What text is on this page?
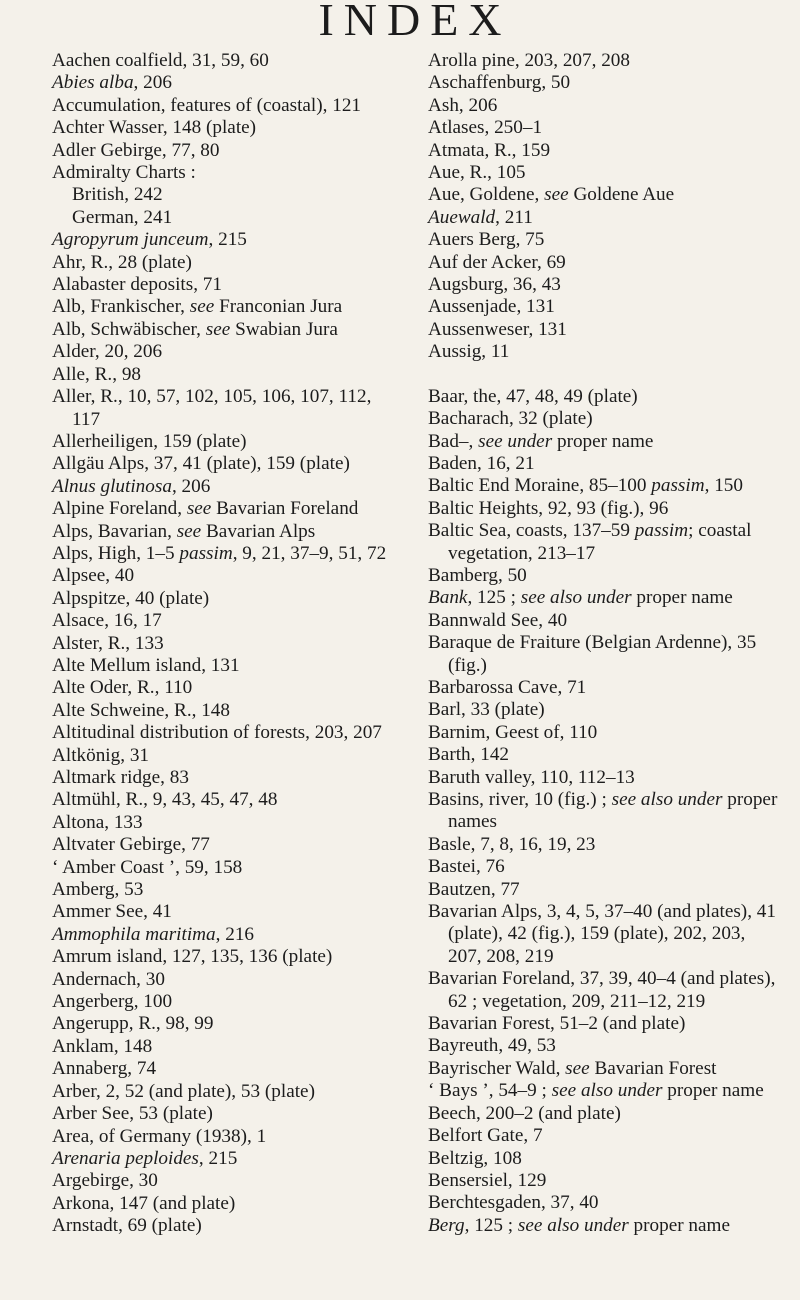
INDEX
Aachen coalfield, 31, 59, 60
Abies alba, 206
Accumulation, features of (coastal), 121
Achter Wasser, 148 (plate)
Adler Gebirge, 77, 80
Admiralty Charts :
British, 242
German, 241
Agropyrum junceum, 215
Ahr, R., 28 (plate)
Alabaster deposits, 71
Alb, Frankischer, see Franconian Jura
Alb, Schwäbischer, see Swabian Jura
Alder, 20, 206
Alle, R., 98
Aller, R., 10, 57, 102, 105, 106, 107, 112, 117
Allerheiligen, 159 (plate)
Allgäu Alps, 37, 41 (plate), 159 (plate)
Alnus glutinosa, 206
Alpine Foreland, see Bavarian Foreland
Alps, Bavarian, see Bavarian Alps
Alps, High, 1–5 passim, 9, 21, 37–9, 51, 72
Alpsee, 40
Alpspitze, 40 (plate)
Alsace, 16, 17
Alster, R., 133
Alte Mellum island, 131
Alte Oder, R., 110
Alte Schweine, R., 148
Altitudinal distribution of forests, 203, 207
Altkönig, 31
Altmark ridge, 83
Altmühl, R., 9, 43, 45, 47, 48
Altona, 133
Altvater Gebirge, 77
‘ Amber Coast ’, 59, 158
Amberg, 53
Ammer See, 41
Ammophila maritima, 216
Amrum island, 127, 135, 136 (plate)
Andernach, 30
Angerberg, 100
Angerupp, R., 98, 99
Anklam, 148
Annaberg, 74
Arber, 2, 52 (and plate), 53 (plate)
Arber See, 53 (plate)
Area, of Germany (1938), 1
Arenaria peploides, 215
Argebirge, 30
Arkona, 147 (and plate)
Arnstadt, 69 (plate)
Arolla pine, 203, 207, 208
Aschaffenburg, 50
Ash, 206
Atlases, 250–1
Atmata, R., 159
Aue, R., 105
Aue, Goldene, see Goldene Aue
Auewald, 211
Auers Berg, 75
Auf der Acker, 69
Augsburg, 36, 43
Aussenjade, 131
Aussenweser, 131
Aussig, 11
Baar, the, 47, 48, 49 (plate)
Bacharach, 32 (plate)
Bad–, see under proper name
Baden, 16, 21
Baltic End Moraine, 85–100 passim, 150
Baltic Heights, 92, 93 (fig.), 96
Baltic Sea, coasts, 137–59 passim; coastal vegetation, 213–17
Bamberg, 50
Bank, 125 ; see also under proper name
Bannwald See, 40
Baraque de Fraiture (Belgian Ardenne), 35 (fig.)
Barbarossa Cave, 71
Barl, 33 (plate)
Barnim, Geest of, 110
Barth, 142
Baruth valley, 110, 112–13
Basins, river, 10 (fig.) ; see also under proper names
Basle, 7, 8, 16, 19, 23
Bastei, 76
Bautzen, 77
Bavarian Alps, 3, 4, 5, 37–40 (and plates), 41 (plate), 42 (fig.), 159 (plate), 202, 203, 207, 208, 219
Bavarian Foreland, 37, 39, 40–4 (and plates), 62 ; vegetation, 209, 211–12, 219
Bavarian Forest, 51–2 (and plate)
Bayreuth, 49, 53
Bayrischer Wald, see Bavarian Forest
‘ Bays ’, 54–9 ; see also under proper name
Beech, 200–2 (and plate)
Belfort Gate, 7
Beltzig, 108
Bensersiel, 129
Berchtesgaden, 37, 40
Berg, 125 ; see also under proper name
